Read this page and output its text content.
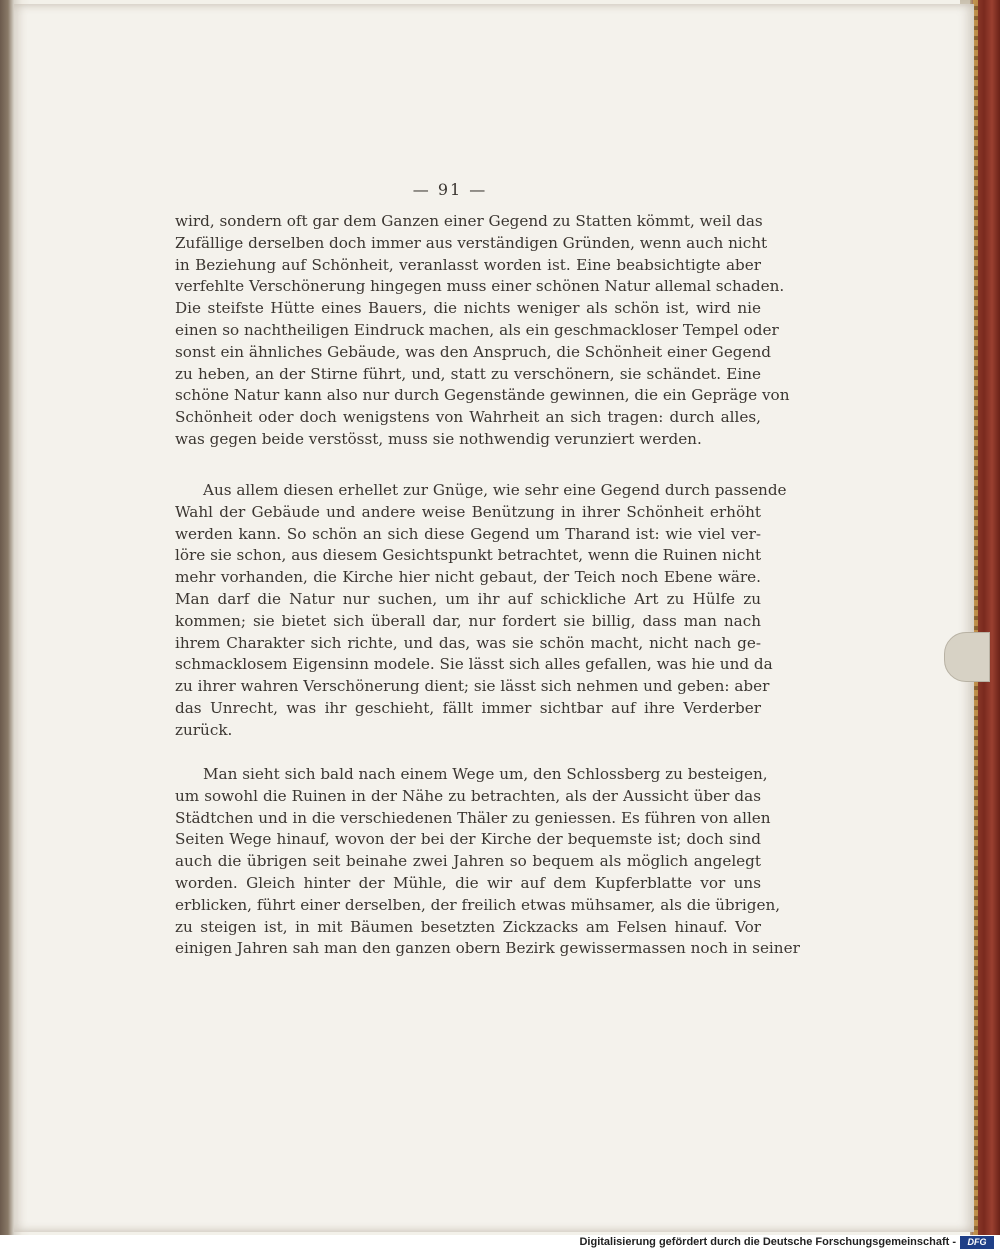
— 91 —
wird, sondern oft gar dem Ganzen einer Gegend zu Statten kömmt, weil das
Zufällige derselben doch immer aus verständigen Gründen, wenn auch nicht
in Beziehung auf Schönheit, veranlasst worden ist. Eine beabsichtigte aber
verfehlte Verschönerung hingegen muss einer schönen Natur allemal schaden.
Die steifste Hütte eines Bauers, die nichts weniger als schön ist, wird nie
einen so nachtheiligen Eindruck machen, als ein geschmackloser Tempel oder
sonst ein ähnliches Gebäude, was den Anspruch, die Schönheit einer Gegend
zu heben, an der Stirne führt, und, statt zu verschönern, sie schändet. Eine
schöne Natur kann also nur durch Gegenstände gewinnen, die ein Gepräge von
Schönheit oder doch wenigstens von Wahrheit an sich tragen: durch alles,
was gegen beide verstösst, muss sie nothwendig verunziert werden.
Aus allem diesen erhellet zur Gnüge, wie sehr eine Gegend durch passende
Wahl der Gebäude und andere weise Benützung in ihrer Schönheit erhöht
werden kann. So schön an sich diese Gegend um Tharand ist: wie viel ver-
löre sie schon, aus diesem Gesichtspunkt betrachtet, wenn die Ruinen nicht
mehr vorhanden, die Kirche hier nicht gebaut, der Teich noch Ebene wäre.
Man darf die Natur nur suchen, um ihr auf schickliche Art zu Hülfe zu
kommen; sie bietet sich überall dar, nur fordert sie billig, dass man nach
ihrem Charakter sich richte, und das, was sie schön macht, nicht nach ge-
schmacklosem Eigensinn modele. Sie lässt sich alles gefallen, was hie und da
zu ihrer wahren Verschönerung dient; sie lässt sich nehmen und geben: aber
das Unrecht, was ihr geschieht, fällt immer sichtbar auf ihre Verderber
zurück.
Man sieht sich bald nach einem Wege um, den Schlossberg zu besteigen,
um sowohl die Ruinen in der Nähe zu betrachten, als der Aussicht über das
Städtchen und in die verschiedenen Thäler zu geniessen. Es führen von allen
Seiten Wege hinauf, wovon der bei der Kirche der bequemste ist; doch sind
auch die übrigen seit beinahe zwei Jahren so bequem als möglich angelegt
worden. Gleich hinter der Mühle, die wir auf dem Kupferblatte vor uns
erblicken, führt einer derselben, der freilich etwas mühsamer, als die übrigen,
zu steigen ist, in mit Bäumen besetzten Zickzacks am Felsen hinauf. Vor
einigen Jahren sah man den ganzen obern Bezirk gewissermassen noch in seiner
Digitalisierung gefördert durch die Deutsche Forschungsgemeinschaft -	DFG
